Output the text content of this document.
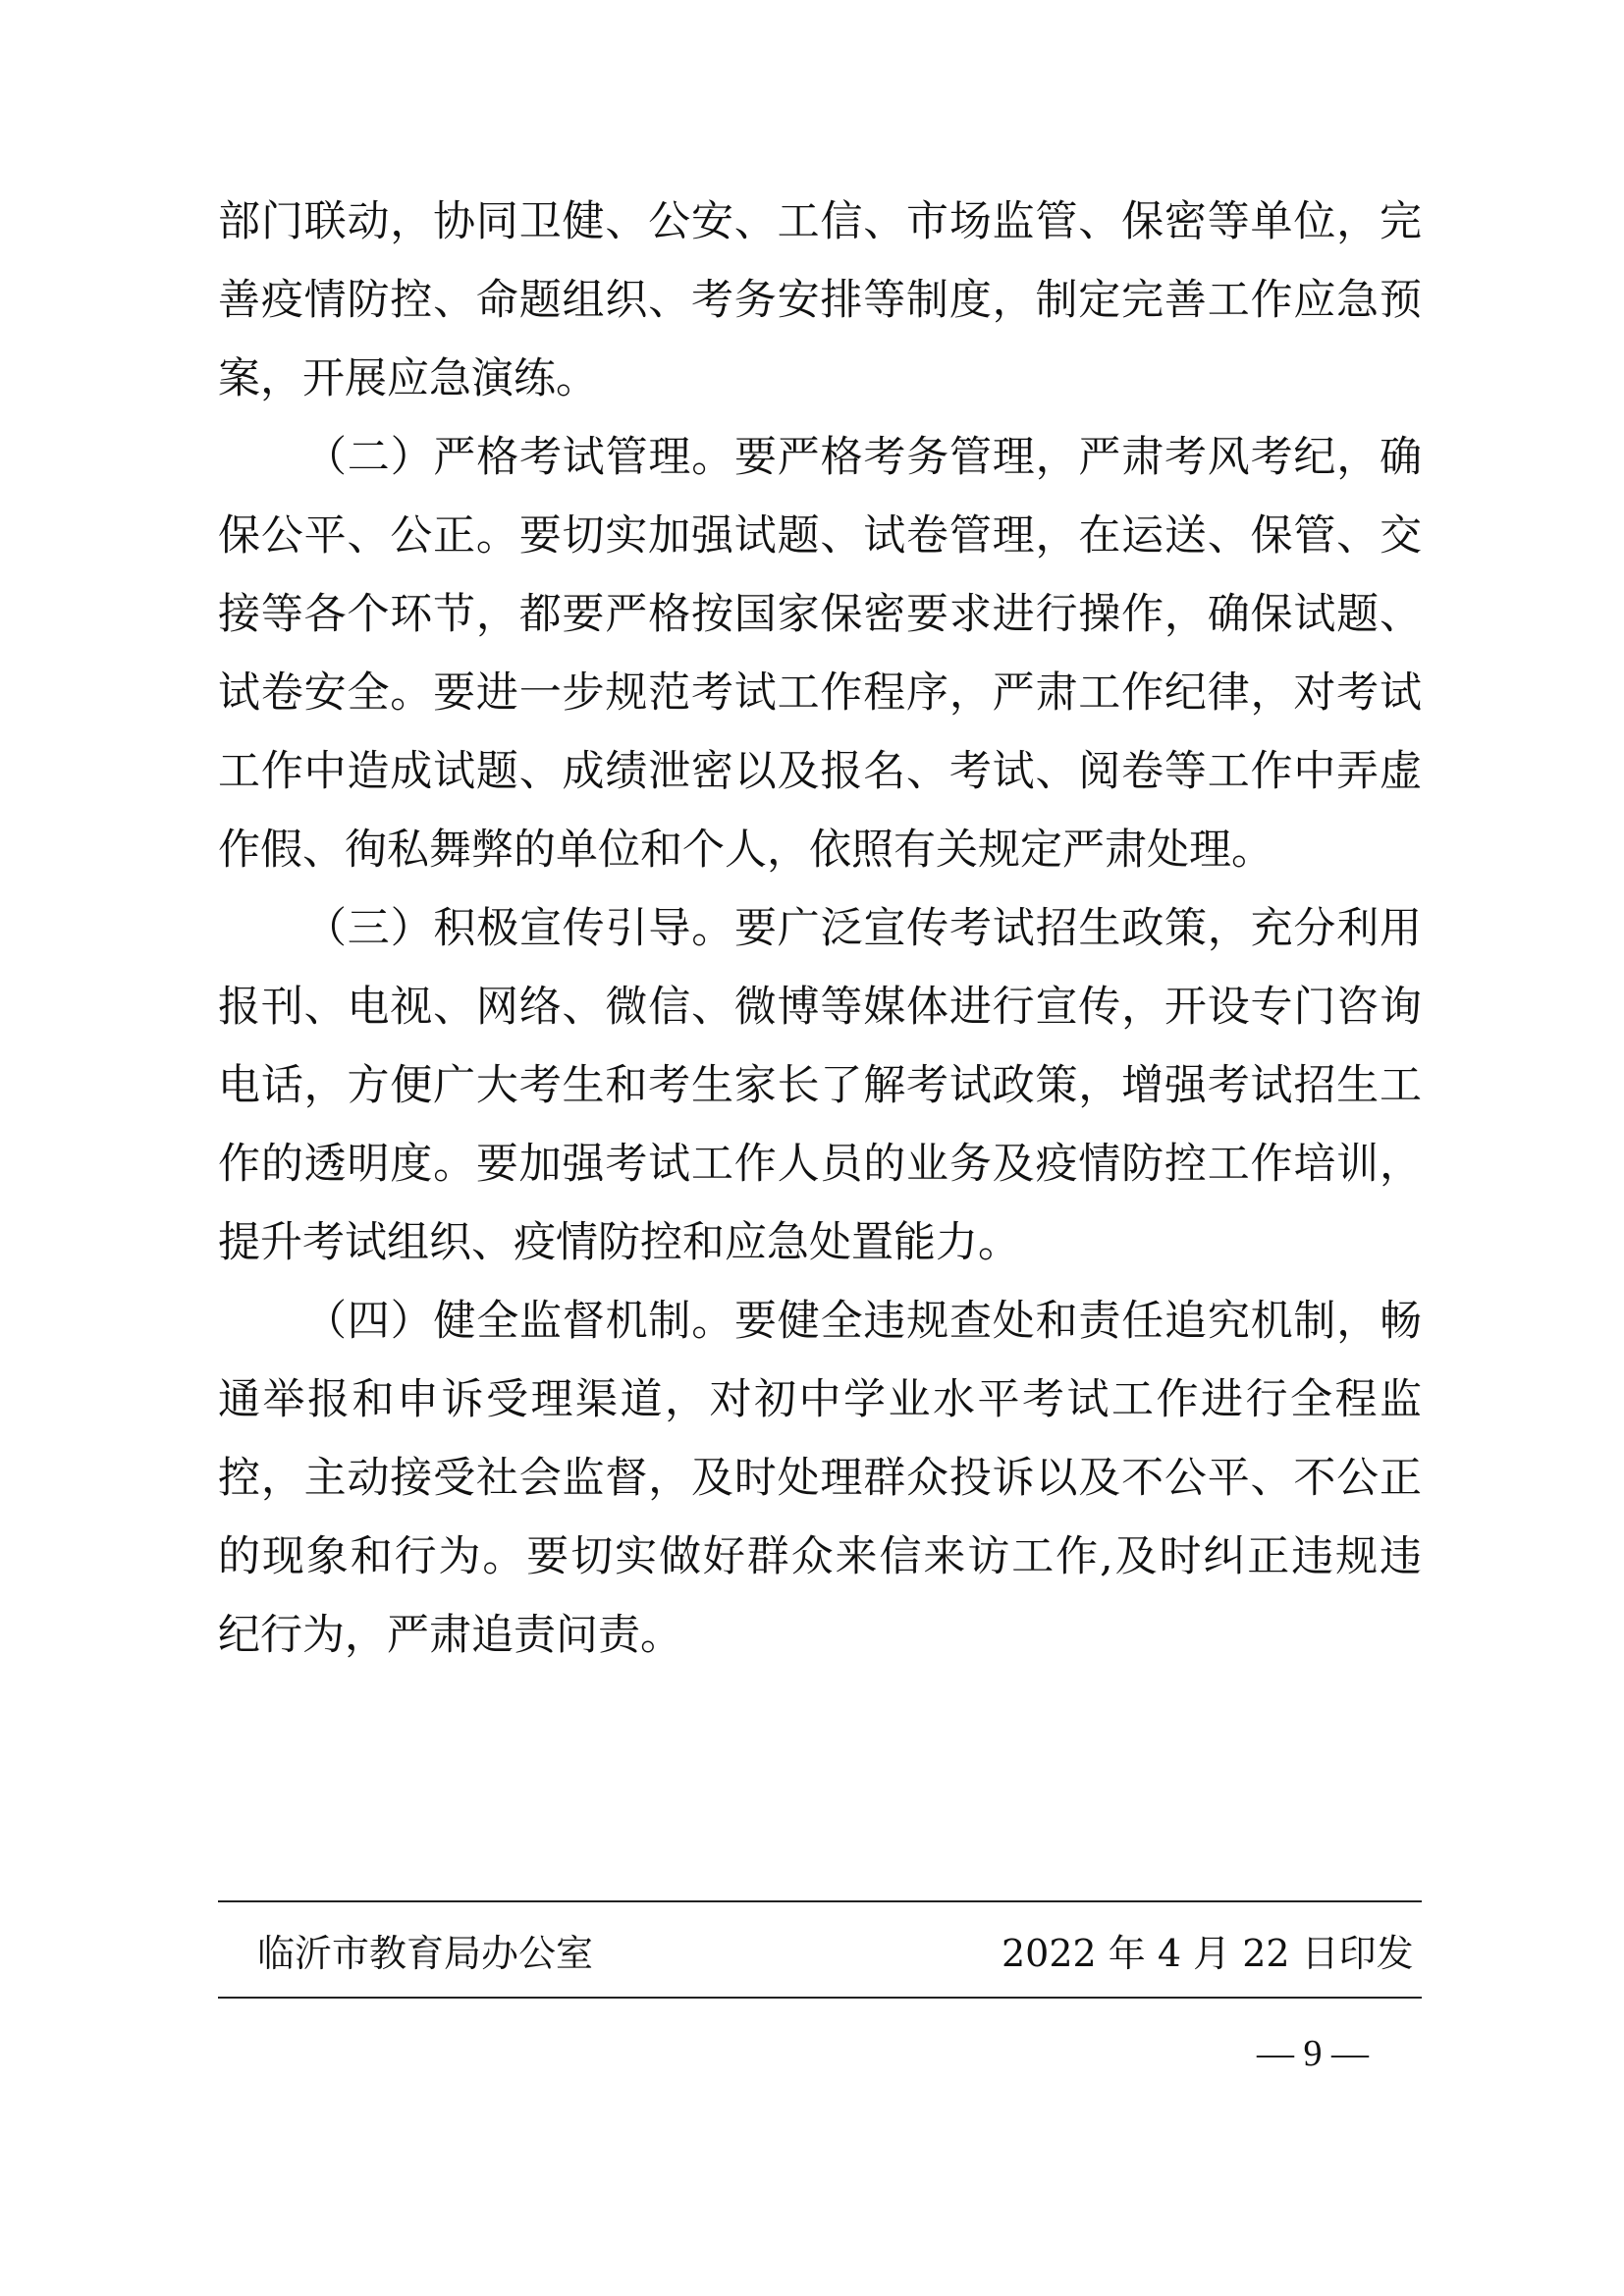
部门联动，协同卫健、公安、工信、市场监管、保密等单位，完
善疫情防控、命题组织、考务安排等制度，制定完善工作应急预
案，开展应急演练。
（二）严格考试管理。要严格考务管理，严肃考风考纪，确
保公平、公正。要切实加强试题、试卷管理，在运送、保管、交
接等各个环节，都要严格按国家保密要求进行操作，确保试题、
试卷安全。要进一步规范考试工作程序，严肃工作纪律，对考试
工作中造成试题、成绩泄密以及报名、考试、阅卷等工作中弄虚
作假、徇私舞弊的单位和个人，依照有关规定严肃处理。
（三）积极宣传引导。要广泛宣传考试招生政策，充分利用
报刊、电视、网络、微信、微博等媒体进行宣传，开设专门咨询
电话，方便广大考生和考生家长了解考试政策，增强考试招生工
作的透明度。要加强考试工作人员的业务及疫情防控工作培训，
提升考试组织、疫情防控和应急处置能力。
（四）健全监督机制。要健全违规查处和责任追究机制，畅
通举报和申诉受理渠道，对初中学业水平考试工作进行全程监
控，主动接受社会监督，及时处理群众投诉以及不公平、不公正
的现象和行为。要切实做好群众来信来访工作,及时纠正违规违
纪行为，严肃追责问责。
临沂市教育局办公室	2022 年 4 月 22 日印发
— 9 —
